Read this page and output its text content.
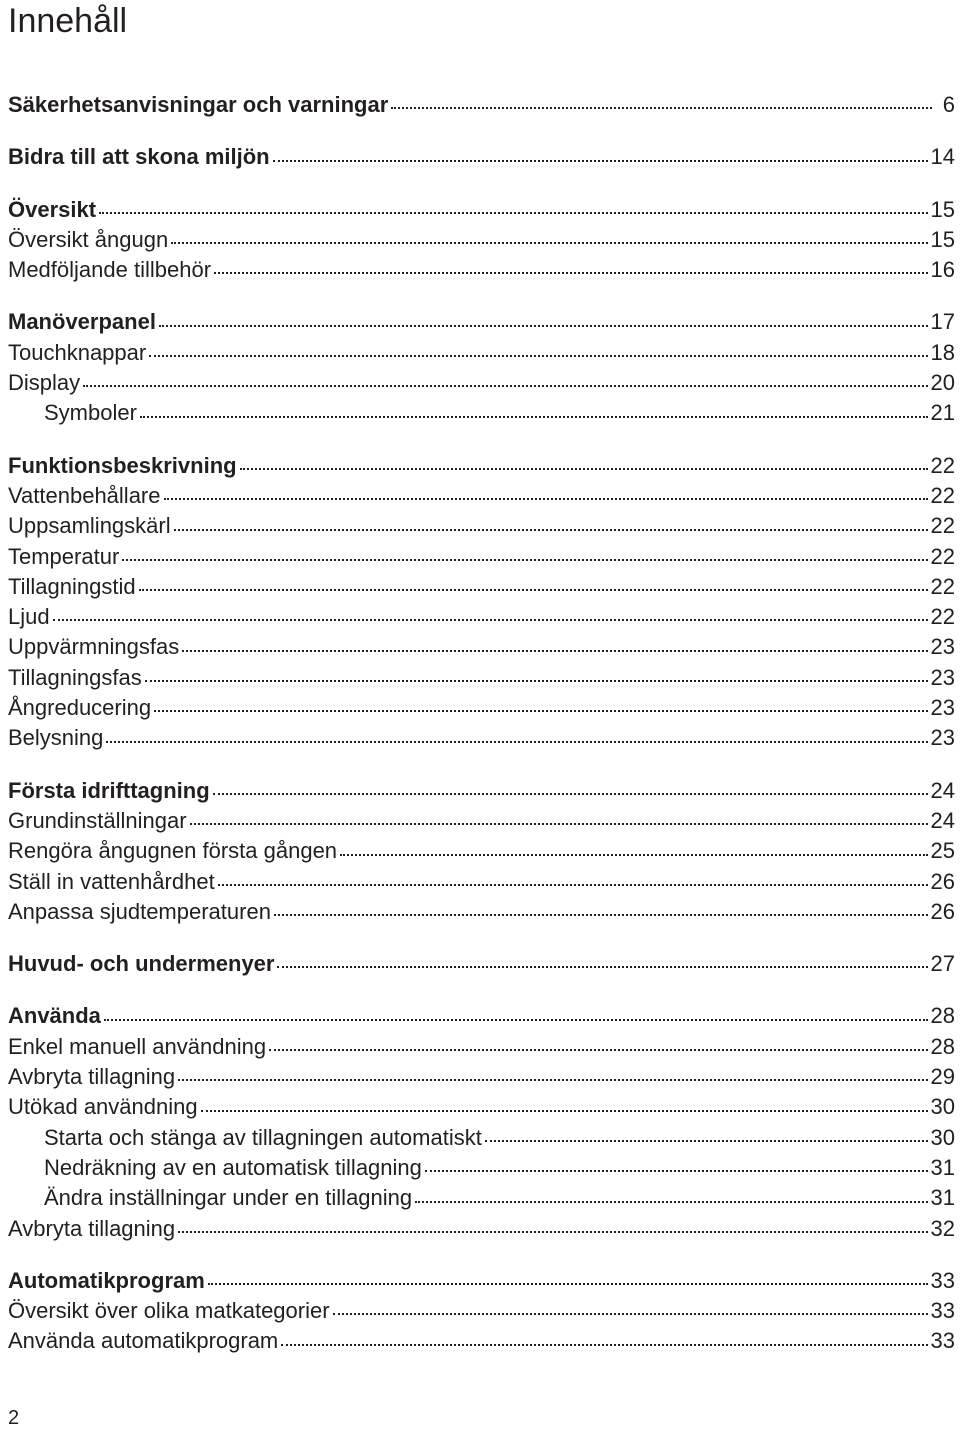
Innehåll
Säkerhetsanvisningar och varningar	6
Bidra till att skona miljön	14
Översikt	15
Översikt ångugn	15
Medföljande tillbehör	16
Manöverpanel	17
Touchknappar	18
Display	20
Symboler	21
Funktionsbeskrivning	22
Vattenbehållare	22
Uppsamlingskärl	22
Temperatur	22
Tillagningstid	22
Ljud	22
Uppvärmningsfas	23
Tillagningsfas	23
Ångreducering	23
Belysning	23
Första idrifttagning	24
Grundinställningar	24
Rengöra ångugnen första gången	25
Ställ in vattenhårdhet	26
Anpassa sjudtemperaturen	26
Huvud- och undermenyer	27
Använda	28
Enkel manuell användning	28
Avbryta tillagning	29
Utökad användning	30
Starta och stänga av tillagningen automatiskt	30
Nedräkning av en automatisk tillagning	31
Ändra inställningar under en tillagning	31
Avbryta tillagning	32
Automatikprogram	33
Översikt över olika matkategorier	33
Använda automatikprogram	33
2
